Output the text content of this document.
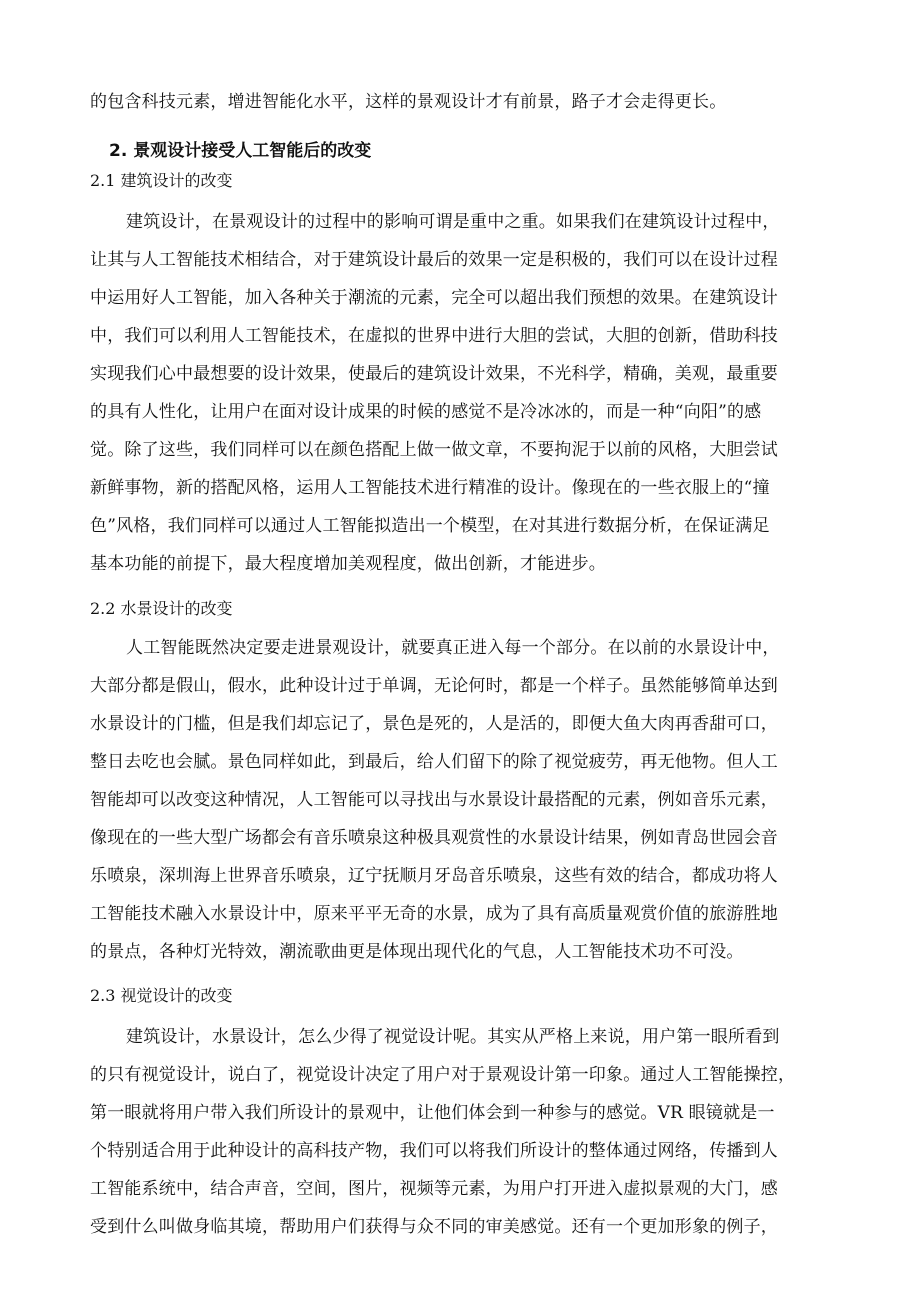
的包含科技元素，增进智能化水平，这样的景观设计才有前景，路子才会走得更长。
2. 景观设计接受人工智能后的改变
2.1 建筑设计的改变
建筑设计，在景观设计的过程中的影响可谓是重中之重。如果我们在建筑设计过程中，
让其与人工智能技术相结合，对于建筑设计最后的效果一定是积极的，我们可以在设计过程
中运用好人工智能，加入各种关于潮流的元素，完全可以超出我们预想的效果。在建筑设计
中，我们可以利用人工智能技术，在虚拟的世界中进行大胆的尝试，大胆的创新，借助科技
实现我们心中最想要的设计效果，使最后的建筑设计效果，不光科学，精确，美观，最重要
的具有人性化，让用户在面对设计成果的时候的感觉不是冷冰冰的，而是一种“向阳”的感
觉。除了这些，我们同样可以在颜色搭配上做一做文章，不要拘泥于以前的风格，大胆尝试
新鲜事物，新的搭配风格，运用人工智能技术进行精准的设计。像现在的一些衣服上的“撞
色”风格，我们同样可以通过人工智能拟造出一个模型，在对其进行数据分析，在保证满足
基本功能的前提下，最大程度增加美观程度，做出创新，才能进步。
2.2 水景设计的改变
人工智能既然决定要走进景观设计，就要真正进入每一个部分。在以前的水景设计中，
大部分都是假山，假水，此种设计过于单调，无论何时，都是一个样子。虽然能够简单达到
水景设计的门槛，但是我们却忘记了，景色是死的，人是活的，即便大鱼大肉再香甜可口，
整日去吃也会腻。景色同样如此，到最后，给人们留下的除了视觉疲劳，再无他物。但人工
智能却可以改变这种情况，人工智能可以寻找出与水景设计最搭配的元素，例如音乐元素，
像现在的一些大型广场都会有音乐喷泉这种极具观赏性的水景设计结果，例如青岛世园会音
乐喷泉，深圳海上世界音乐喷泉，辽宁抚顺月牙岛音乐喷泉，这些有效的结合，都成功将人
工智能技术融入水景设计中，原来平平无奇的水景，成为了具有高质量观赏价值的旅游胜地
的景点，各种灯光特效，潮流歌曲更是体现出现代化的气息，人工智能技术功不可没。
2.3 视觉设计的改变
建筑设计，水景设计，怎么少得了视觉设计呢。其实从严格上来说，用户第一眼所看到
的只有视觉设计，说白了，视觉设计决定了用户对于景观设计第一印象。通过人工智能操控，
第一眼就将用户带入我们所设计的景观中，让他们体会到一种参与的感觉。VR 眼镜就是一
个特别适合用于此种设计的高科技产物，我们可以将我们所设计的整体通过网络，传播到人
工智能系统中，结合声音，空间，图片，视频等元素，为用户打开进入虚拟景观的大门，感
受到什么叫做身临其境，帮助用户们获得与众不同的审美感觉。还有一个更加形象的例子，
